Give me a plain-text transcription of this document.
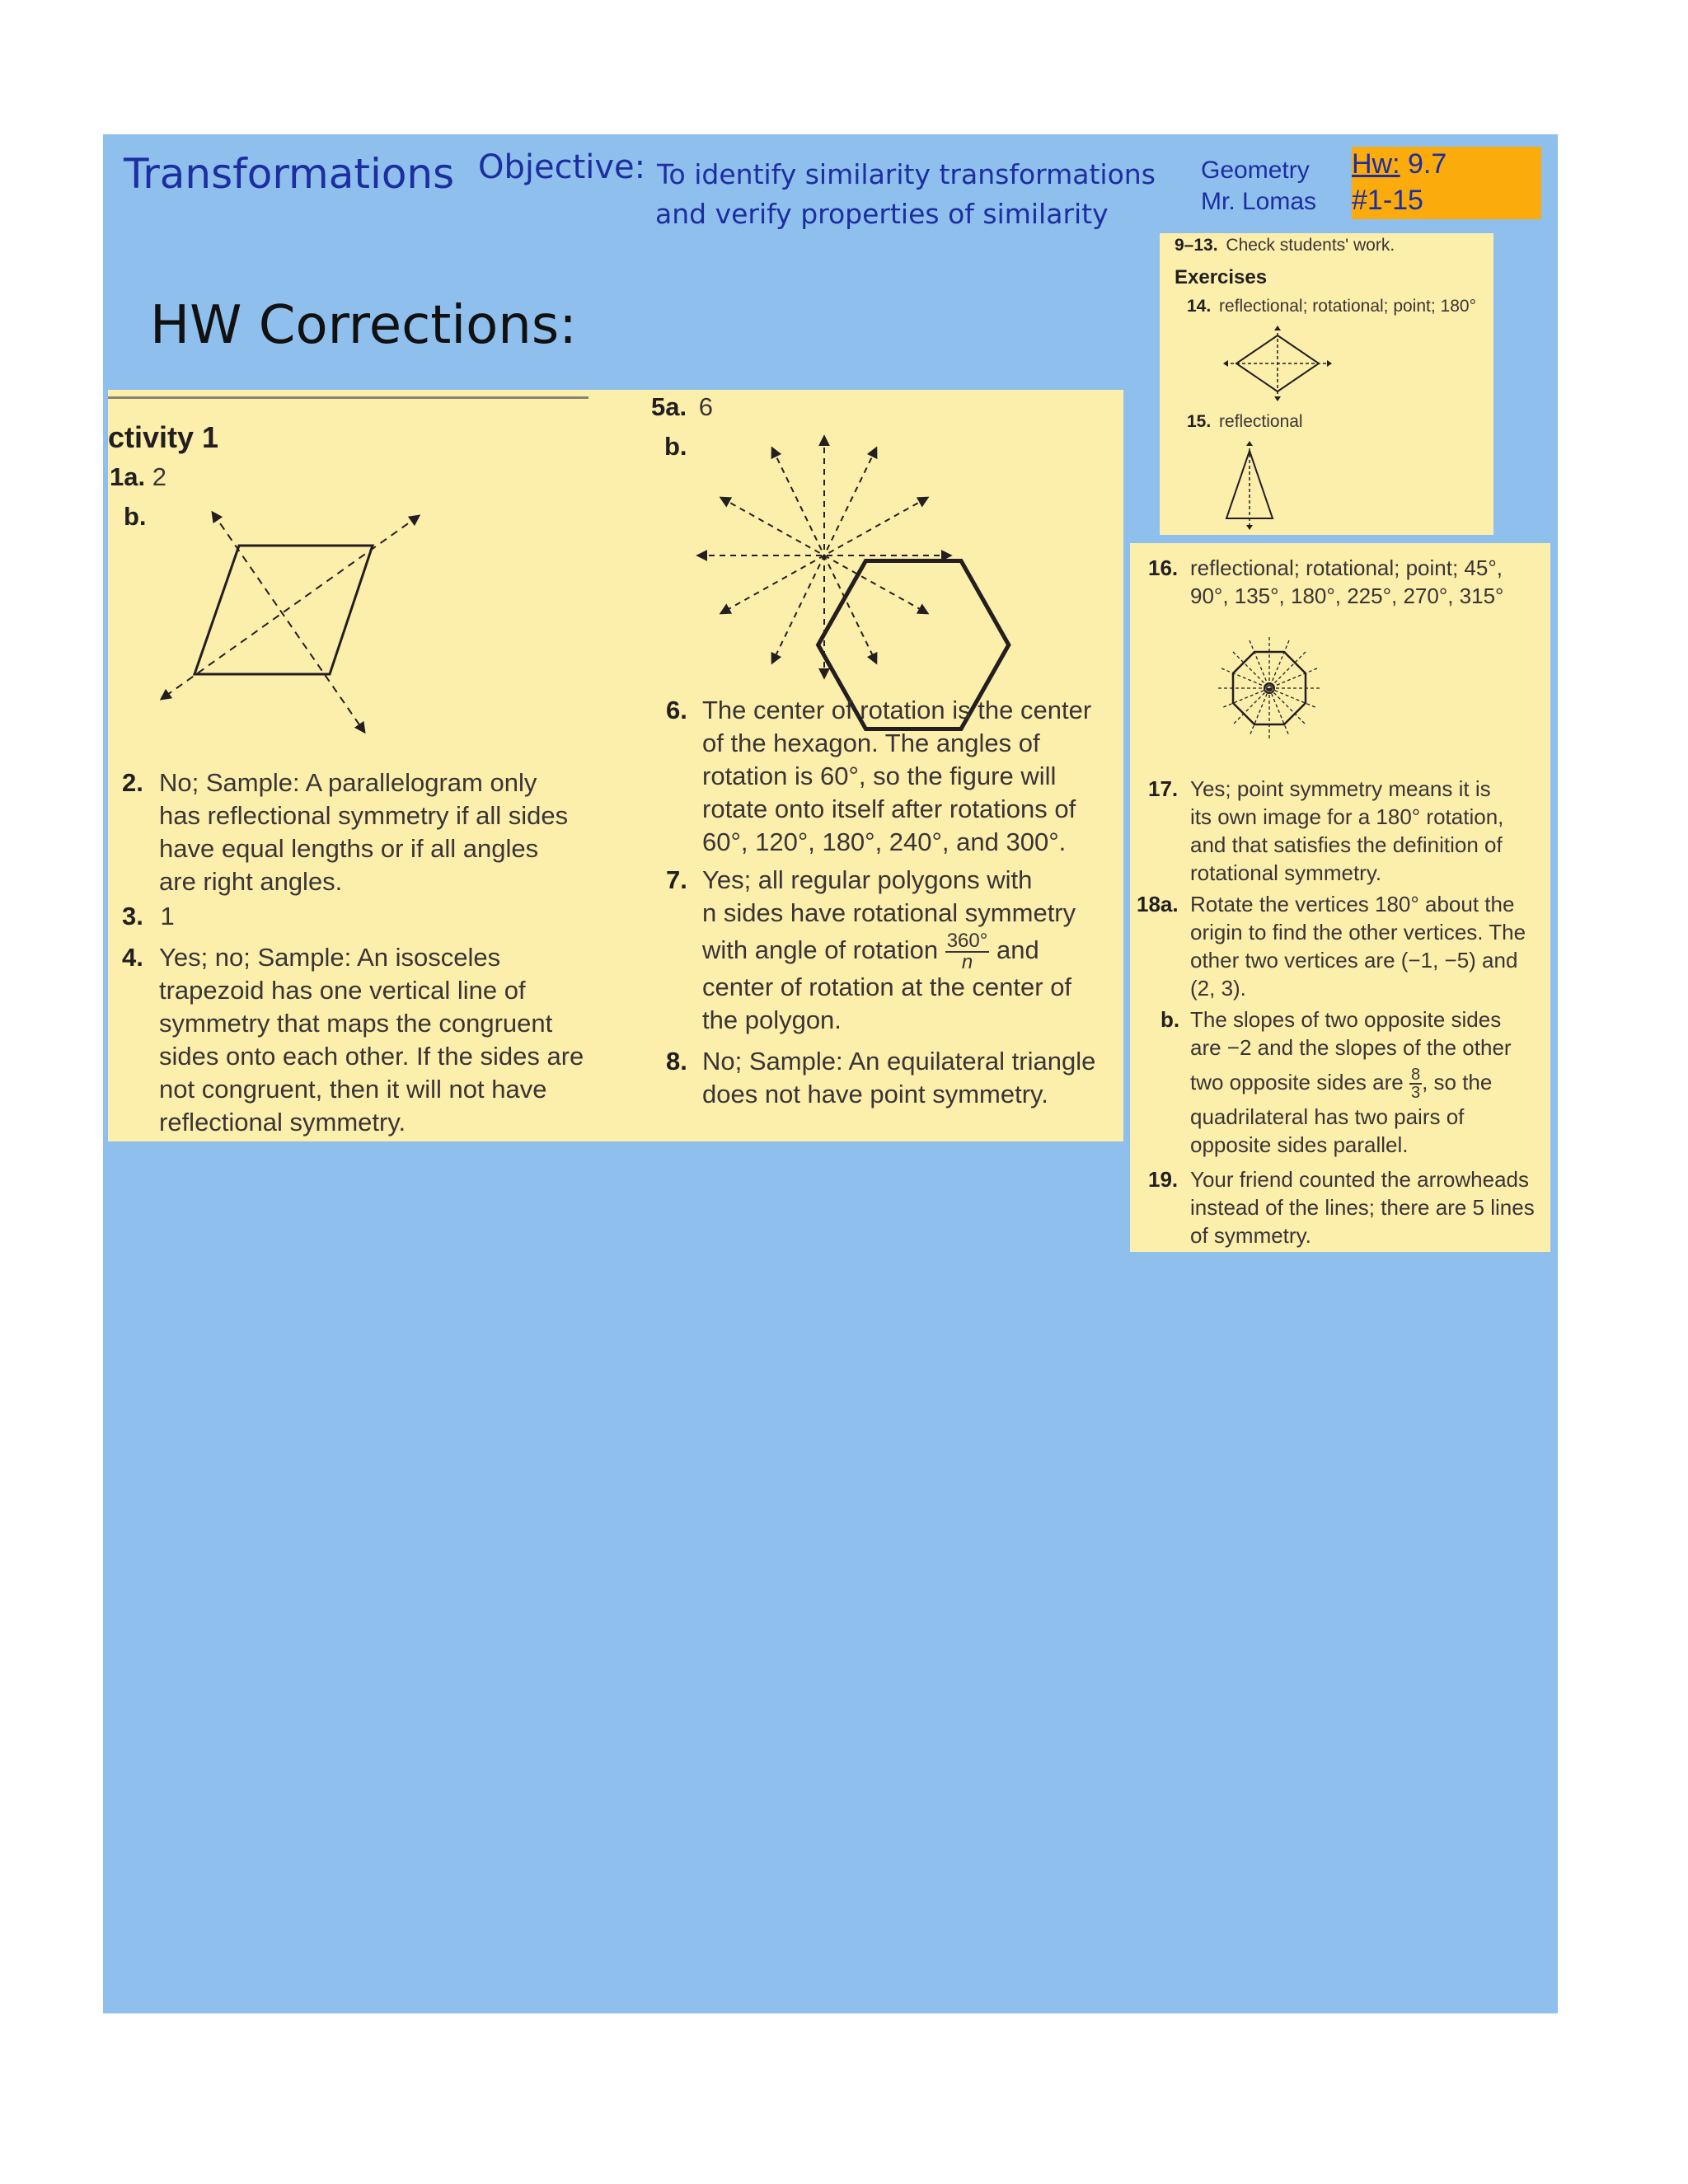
Transformations Objective: To identify similarity transformations
and verify properties of similarity
Geometry
Mr. Lomas
Hw: 9.7
#1-15
HW Corrections:
ctivity 1
1a. 2
b.
2. No; Sample: A parallelogram only
has reflectional symmetry if all sides
have equal lengths or if all angles
are right angles.
3. 1
4. Yes; no; Sample: An isosceles
trapezoid has one vertical line of
symmetry that maps the congruent
sides onto each other. If the sides are
not congruent, then it will not have
reflectional symmetry.
5a. 6
b.
6. The center of rotation is the center
of the hexagon. The angles of
rotation is 60°, so the figure will
rotate onto itself after rotations of
60°, 120°, 180°, 240°, and 300°.
7. Yes; all regular polygons with
n sides have rotational symmetry
with angle of rotation $\frac{360^\circ}{n}$ and
center of rotation at the center of
the polygon.
8. No; Sample: An equilateral triangle
does not have point symmetry.
9–13. Check students' work.
Exercises
14. reflectional; rotational; point; 180°
15. reflectional
16. reflectional; rotational; point; 45°,
90°, 135°, 180°, 225°, 270°, 315°
17. Yes; point symmetry means it is
its own image for a 180° rotation,
and that satisfies the definition of
rotational symmetry.
18a. Rotate the vertices 180° about the
origin to find the other vertices. The
other two vertices are (−1, −5) and
(2, 3).
b. The slopes of two opposite sides
are −2 and the slopes of the other
two opposite sides are $\frac{8}{3}$ , so the
quadrilateral has two pairs of
opposite sides parallel.
19. Your friend counted the arrowheads
instead of the lines; there are 5 lines
of symmetry.
